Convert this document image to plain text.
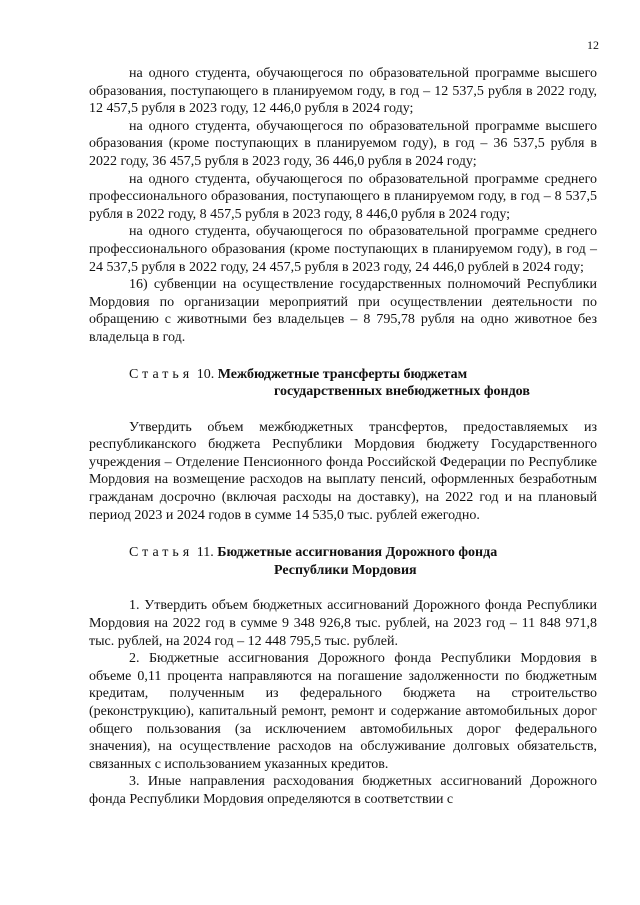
12

на одного студента, обучающегося по образовательной программе высшего образования, поступающего в планируемом году, в год – 12 537,5 рубля в 2022 году, 12 457,5 рубля в 2023 году, 12 446,0 рубля в 2024 году;

на одного студента, обучающегося по образовательной программе высшего образования (кроме поступающих в планируемом году), в год – 36 537,5 рубля в 2022 году, 36 457,5 рубля в 2023 году, 36 446,0 рубля в 2024 году;

на одного студента, обучающегося по образовательной программе среднего профессионального образования, поступающего в планируемом году, в год – 8 537,5 рубля в 2022 году, 8 457,5 рубля в 2023 году, 8 446,0 рубля в 2024 году;

на одного студента, обучающегося по образовательной программе среднего профессионального образования (кроме поступающих в планируемом году), в год – 24 537,5 рубля в 2022 году, 24 457,5 рубля в 2023 году, 24 446,0 рублей в 2024 году;

16) субвенции на осуществление государственных полномочий Республики Мордовия по организации мероприятий при осуществлении деятельности по обращению с животными без владельцев – 8 795,78 рубля на одно животное без владельца в год.

Статья 10. Межбюджетные трансферты бюджетам
государственных внебюджетных фондов

Утвердить объем межбюджетных трансфертов, предоставляемых из республиканского бюджета Республики Мордовия бюджету Государственного учреждения – Отделение Пенсионного фонда Российской Федерации по Республике Мордовия на возмещение расходов на выплату пенсий, оформленных безработным гражданам досрочно (включая расходы на доставку), на 2022 год и на плановый период 2023 и 2024 годов в сумме 14 535,0 тыс. рублей ежегодно.

Статья 11. Бюджетные ассигнования Дорожного фонда
Республики Мордовия

1. Утвердить объем бюджетных ассигнований Дорожного фонда Республики Мордовия на 2022 год в сумме 9 348 926,8 тыс. рублей, на 2023 год – 11 848 971,8 тыс. рублей, на 2024 год – 12 448 795,5 тыс. рублей.

2. Бюджетные ассигнования Дорожного фонда Республики Мордовия в объеме 0,11 процента направляются на погашение задолженности по бюджетным кредитам, полученным из федерального бюджета на строительство (реконструкцию), капитальный ремонт, ремонт и содержание автомобильных дорог общего пользования (за исключением автомобильных дорог федерального значения), на осуществление расходов на обслуживание долговых обязательств, связанных с использованием указанных кредитов.

3. Иные направления расходования бюджетных ассигнований Дорожного фонда Республики Мордовия определяются в соответствии с
